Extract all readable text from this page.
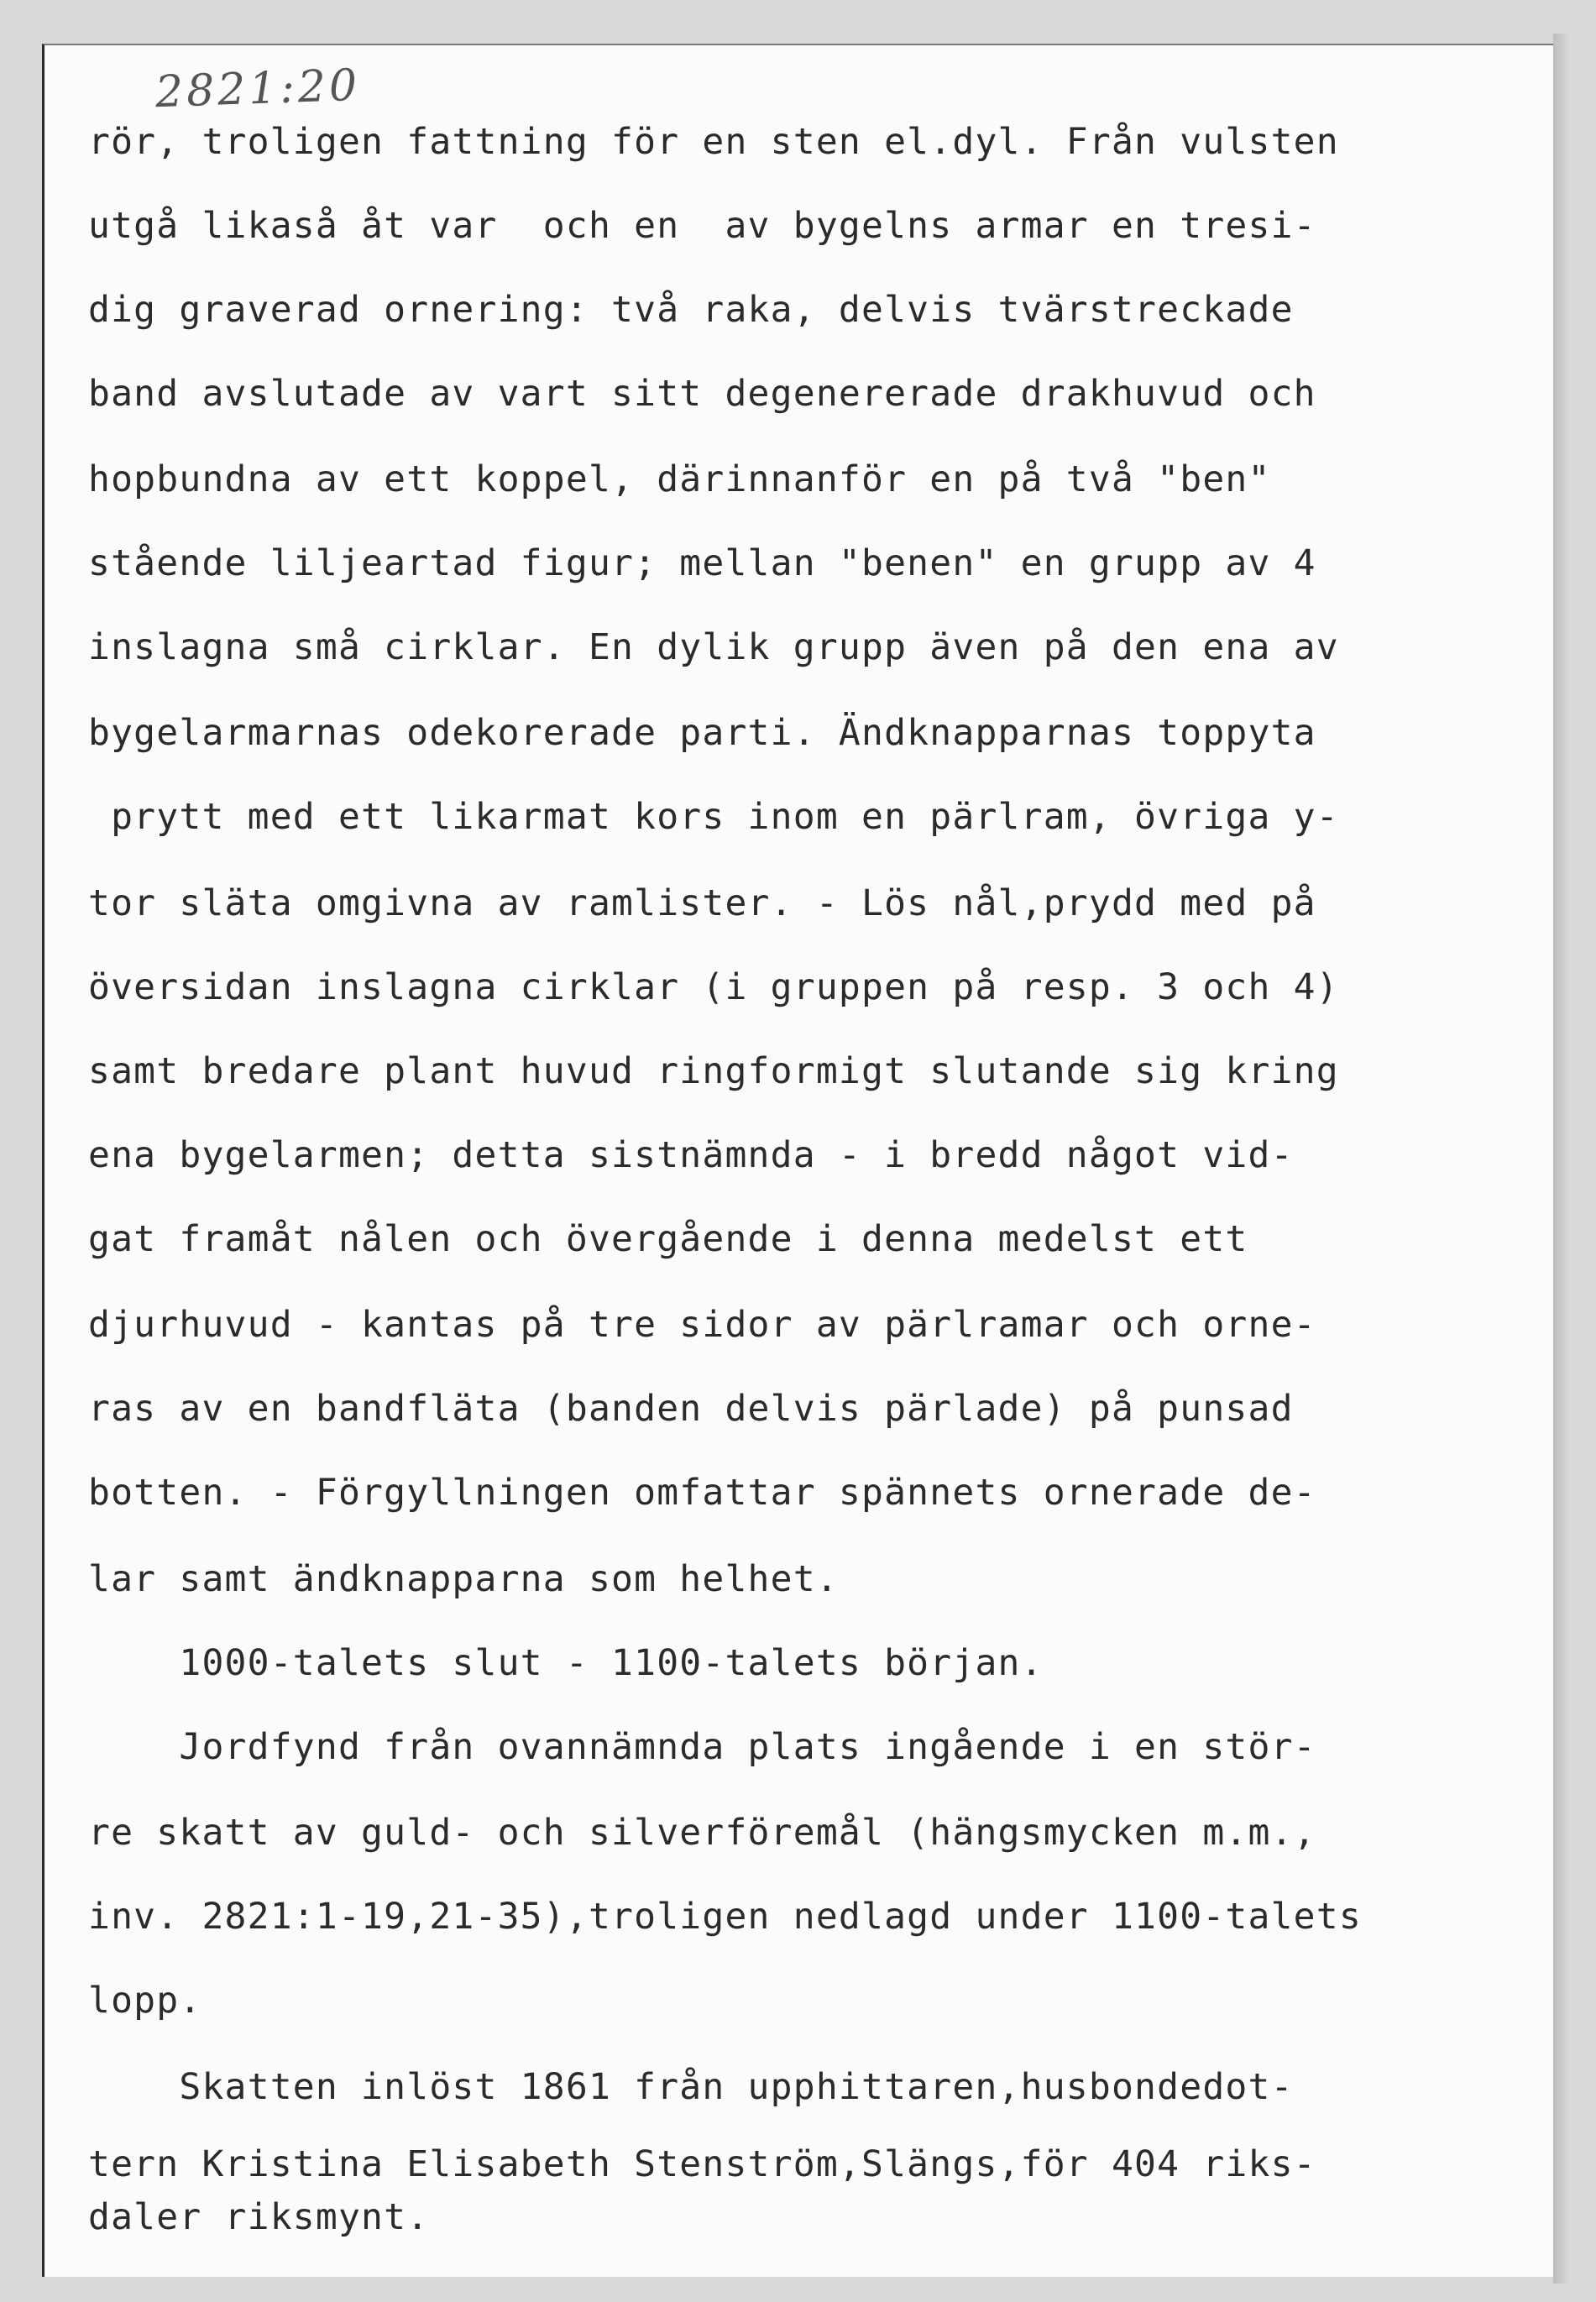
2821:20
rör, troligen fattning för en sten el.dyl. Från vulsten
utgå likaså åt var  och en  av bygelns armar en tresi-
dig graverad ornering: två raka, delvis tvärstreckade
band avslutade av vart sitt degenererade drakhuvud och
hopbundna av ett koppel, därinnanför en på två "ben"
stående liljeartad figur; mellan "benen" en grupp av 4
inslagna små cirklar. En dylik grupp även på den ena av
bygelarmarnas odekorerade parti. Ändknapparnas toppyta
prytt med ett likarmat kors inom en pärlram, övriga y-
tor släta omgivna av ramlister. - Lös nål,prydd med på
översidan inslagna cirklar (i gruppen på resp. 3 och 4)
samt bredare plant huvud ringformigt slutande sig kring
ena bygelarmen; detta sistnämnda - i bredd något vid-
gat framåt nålen och övergående i denna medelst ett
djurhuvud - kantas på tre sidor av pärlramar och orne-
ras av en bandfläta (banden delvis pärlade) på punsad
botten. - Förgyllningen omfattar spännets ornerade de-
lar samt ändknapparna som helhet.
1000-talets slut - 1100-talets början.
Jordfynd från ovannämnda plats ingående i en stör-
re skatt av guld- och silverföremål (hängsmycken m.m.,
inv. 2821:1-19,21-35),troligen nedlagd under 1100-talets
lopp.
Skatten inlöst 1861 från upphittaren,husbondedot-
tern Kristina Elisabeth Stenström,Slängs,för 404 riks-
daler riksmynt.
